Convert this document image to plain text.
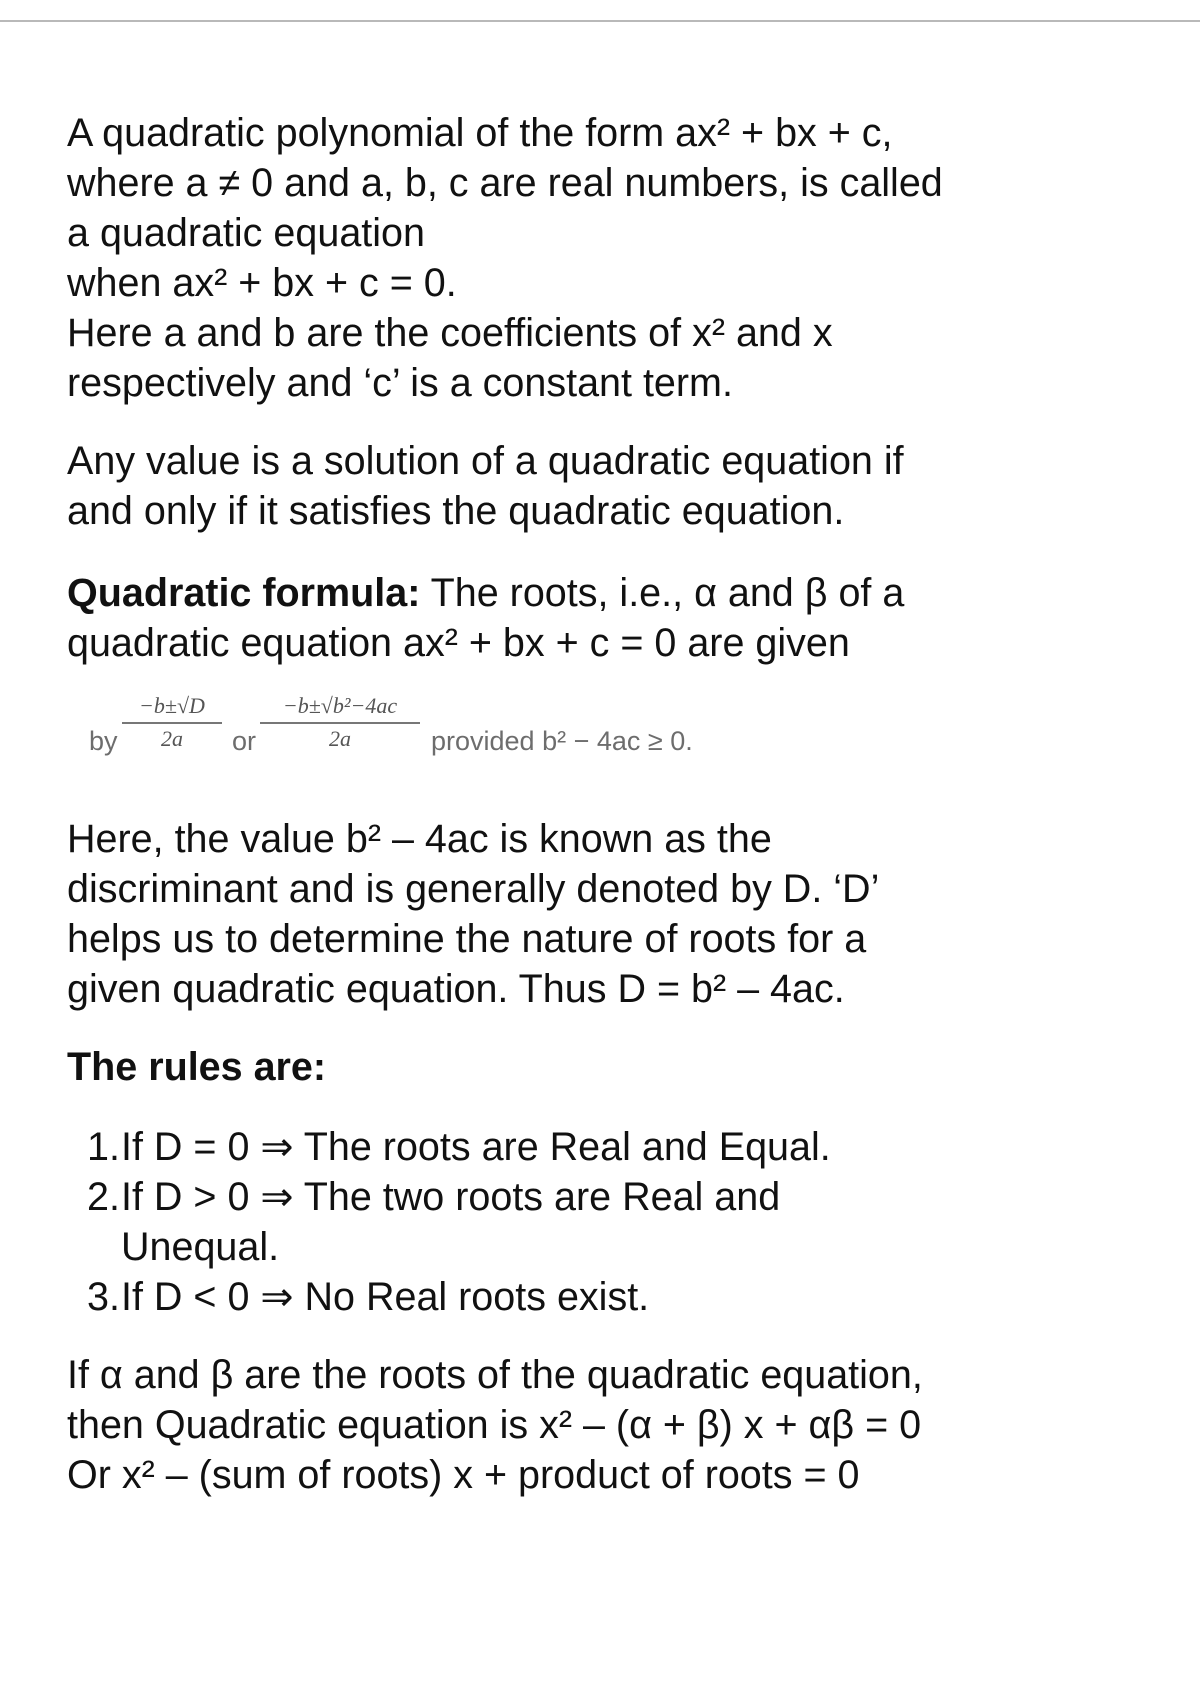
A quadratic polynomial of the form ax² + bx + c,
where a ≠ 0 and a, b, c are real numbers, is called
a quadratic equation
when ax² + bx + c = 0.
Here a and b are the coefficients of x² and x
respectively and ‘c’ is a constant term.

Any value is a solution of a quadratic equation if
and only if it satisfies the quadratic equation.

Quadratic formula: The roots, i.e., α and β of a
quadratic equation ax² + bx + c = 0 are given

by
−b±√D
2a	or
−b±√b²−4ac
2a	provided b² − 4ac ≥ 0.

Here, the value b² – 4ac is known as the
discriminant and is generally denoted by D. ‘D’
helps us to determine the nature of roots for a
given quadratic equation. Thus D = b² – 4ac.

The rules are:

1. If D = 0 ⇒ The roots are Real and Equal.
2. If D > 0 ⇒ The two roots are Real and
Unequal.
3. If D < 0 ⇒ No Real roots exist.

If α and β are the roots of the quadratic equation,
then Quadratic equation is x² – (α + β) x + αβ = 0
Or x² – (sum of roots) x + product of roots = 0
